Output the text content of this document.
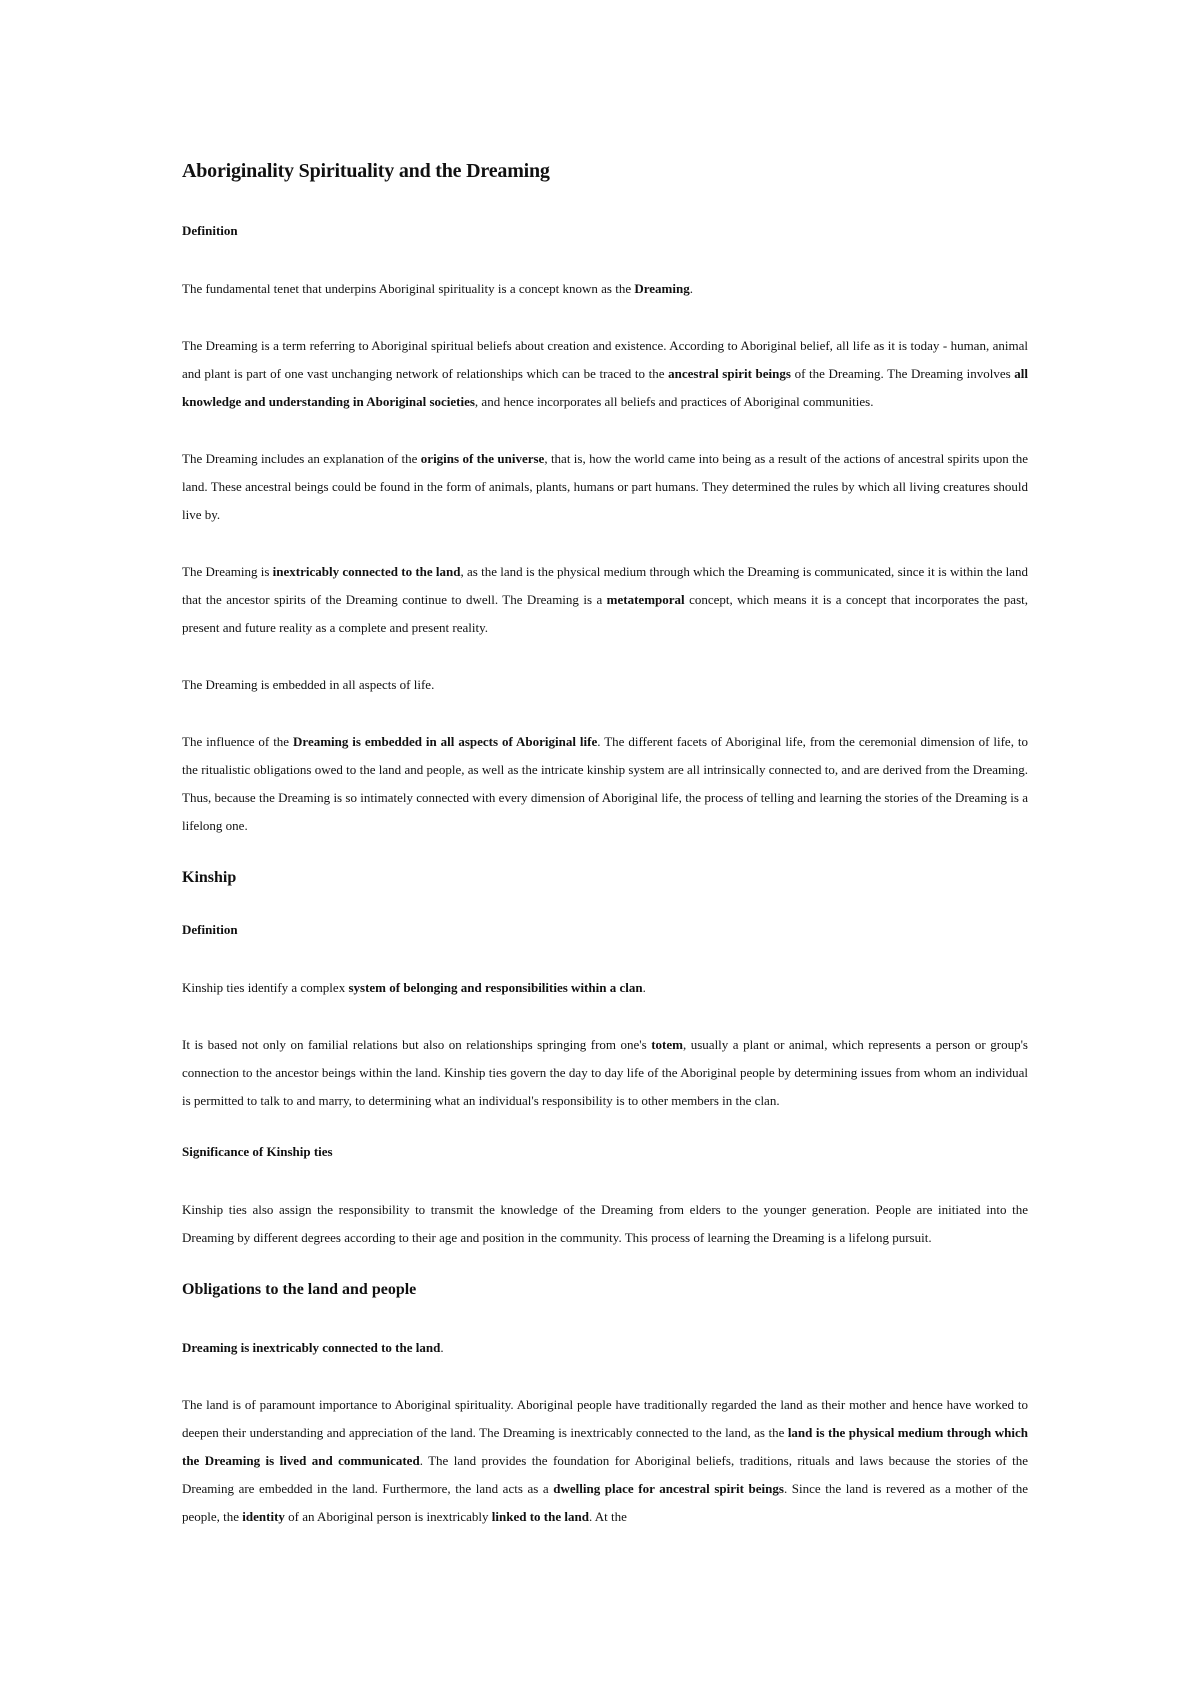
Aboriginality Spirituality and the Dreaming
Definition

The fundamental tenet that underpins Aboriginal spirituality is a concept known as the Dreaming.

The Dreaming is a term referring to Aboriginal spiritual beliefs about creation and existence. According to Aboriginal belief, all life as it is today - human, animal and plant is part of one vast unchanging network of relationships which can be traced to the ancestral spirit beings of the Dreaming. The Dreaming involves all knowledge and understanding in Aboriginal societies, and hence incorporates all beliefs and practices of Aboriginal communities.

The Dreaming includes an explanation of the origins of the universe, that is, how the world came into being as a result of the actions of ancestral spirits upon the land. These ancestral beings could be found in the form of animals, plants, humans or part humans. They determined the rules by which all living creatures should live by.

The Dreaming is inextricably connected to the land, as the land is the physical medium through which the Dreaming is communicated, since it is within the land that the ancestor spirits of the Dreaming continue to dwell. The Dreaming is a metatemporal concept, which means it is a concept that incorporates the past, present and future reality as a complete and present reality.

The Dreaming is embedded in all aspects of life.

The influence of the Dreaming is embedded in all aspects of Aboriginal life. The different facets of Aboriginal life, from the ceremonial dimension of life, to the ritualistic obligations owed to the land and people, as well as the intricate kinship system are all intrinsically connected to, and are derived from the Dreaming. Thus, because the Dreaming is so intimately connected with every dimension of Aboriginal life, the process of telling and learning the stories of the Dreaming is a lifelong one.

Kinship
Definition

Kinship ties identify a complex system of belonging and responsibilities within a clan.

It is based not only on familial relations but also on relationships springing from one's totem, usually a plant or animal, which represents a person or group's connection to the ancestor beings within the land. Kinship ties govern the day to day life of the Aboriginal people by determining issues from whom an individual is permitted to talk to and marry, to determining what an individual's responsibility is to other members in the clan.

Significance of Kinship ties

Kinship ties also assign the responsibility to transmit the knowledge of the Dreaming from elders to the younger generation. People are initiated into the Dreaming by different degrees according to their age and position in the community. This process of learning the Dreaming is a lifelong pursuit.

Obligations to the land and people

Dreaming is inextricably connected to the land.

The land is of paramount importance to Aboriginal spirituality. Aboriginal people have traditionally regarded the land as their mother and hence have worked to deepen their understanding and appreciation of the land. The Dreaming is inextricably connected to the land, as the land is the physical medium through which the Dreaming is lived and communicated. The land provides the foundation for Aboriginal beliefs, traditions, rituals and laws because the stories of the Dreaming are embedded in the land. Furthermore, the land acts as a dwelling place for ancestral spirit beings. Since the land is revered as a mother of the people, the identity of an Aboriginal person is inextricably linked to the land. At the
